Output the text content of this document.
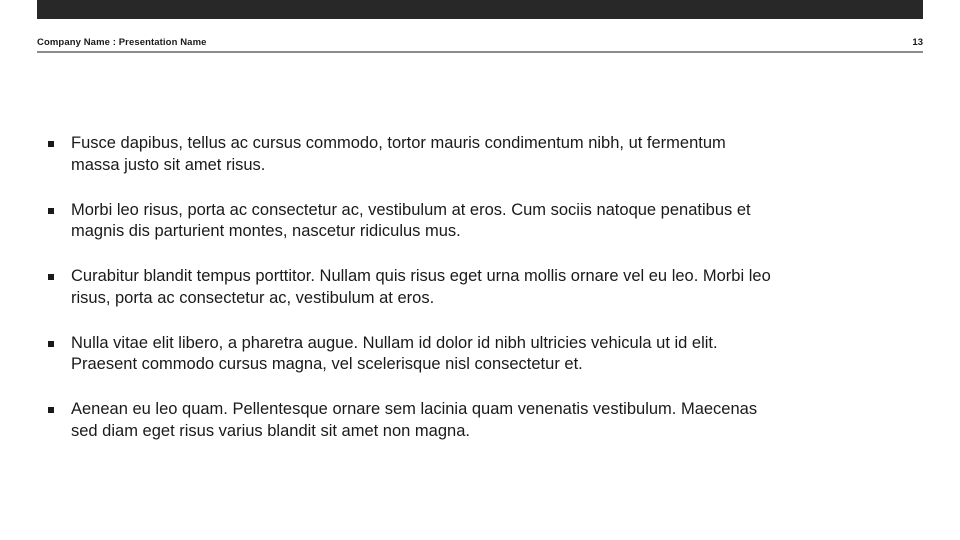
Company Name : Presentation Name	13
Fusce dapibus, tellus ac cursus commodo, tortor mauris condimentum nibh, ut fermentum massa justo sit amet risus.
Morbi leo risus, porta ac consectetur ac, vestibulum at eros. Cum sociis natoque penatibus et magnis dis parturient montes, nascetur ridiculus mus.
Curabitur blandit tempus porttitor. Nullam quis risus eget urna mollis ornare vel eu leo. Morbi leo risus, porta ac consectetur ac, vestibulum at eros.
Nulla vitae elit libero, a pharetra augue. Nullam id dolor id nibh ultricies vehicula ut id elit. Praesent commodo cursus magna, vel scelerisque nisl consectetur et.
Aenean eu leo quam. Pellentesque ornare sem lacinia quam venenatis vestibulum. Maecenas sed diam eget risus varius blandit sit amet non magna.
